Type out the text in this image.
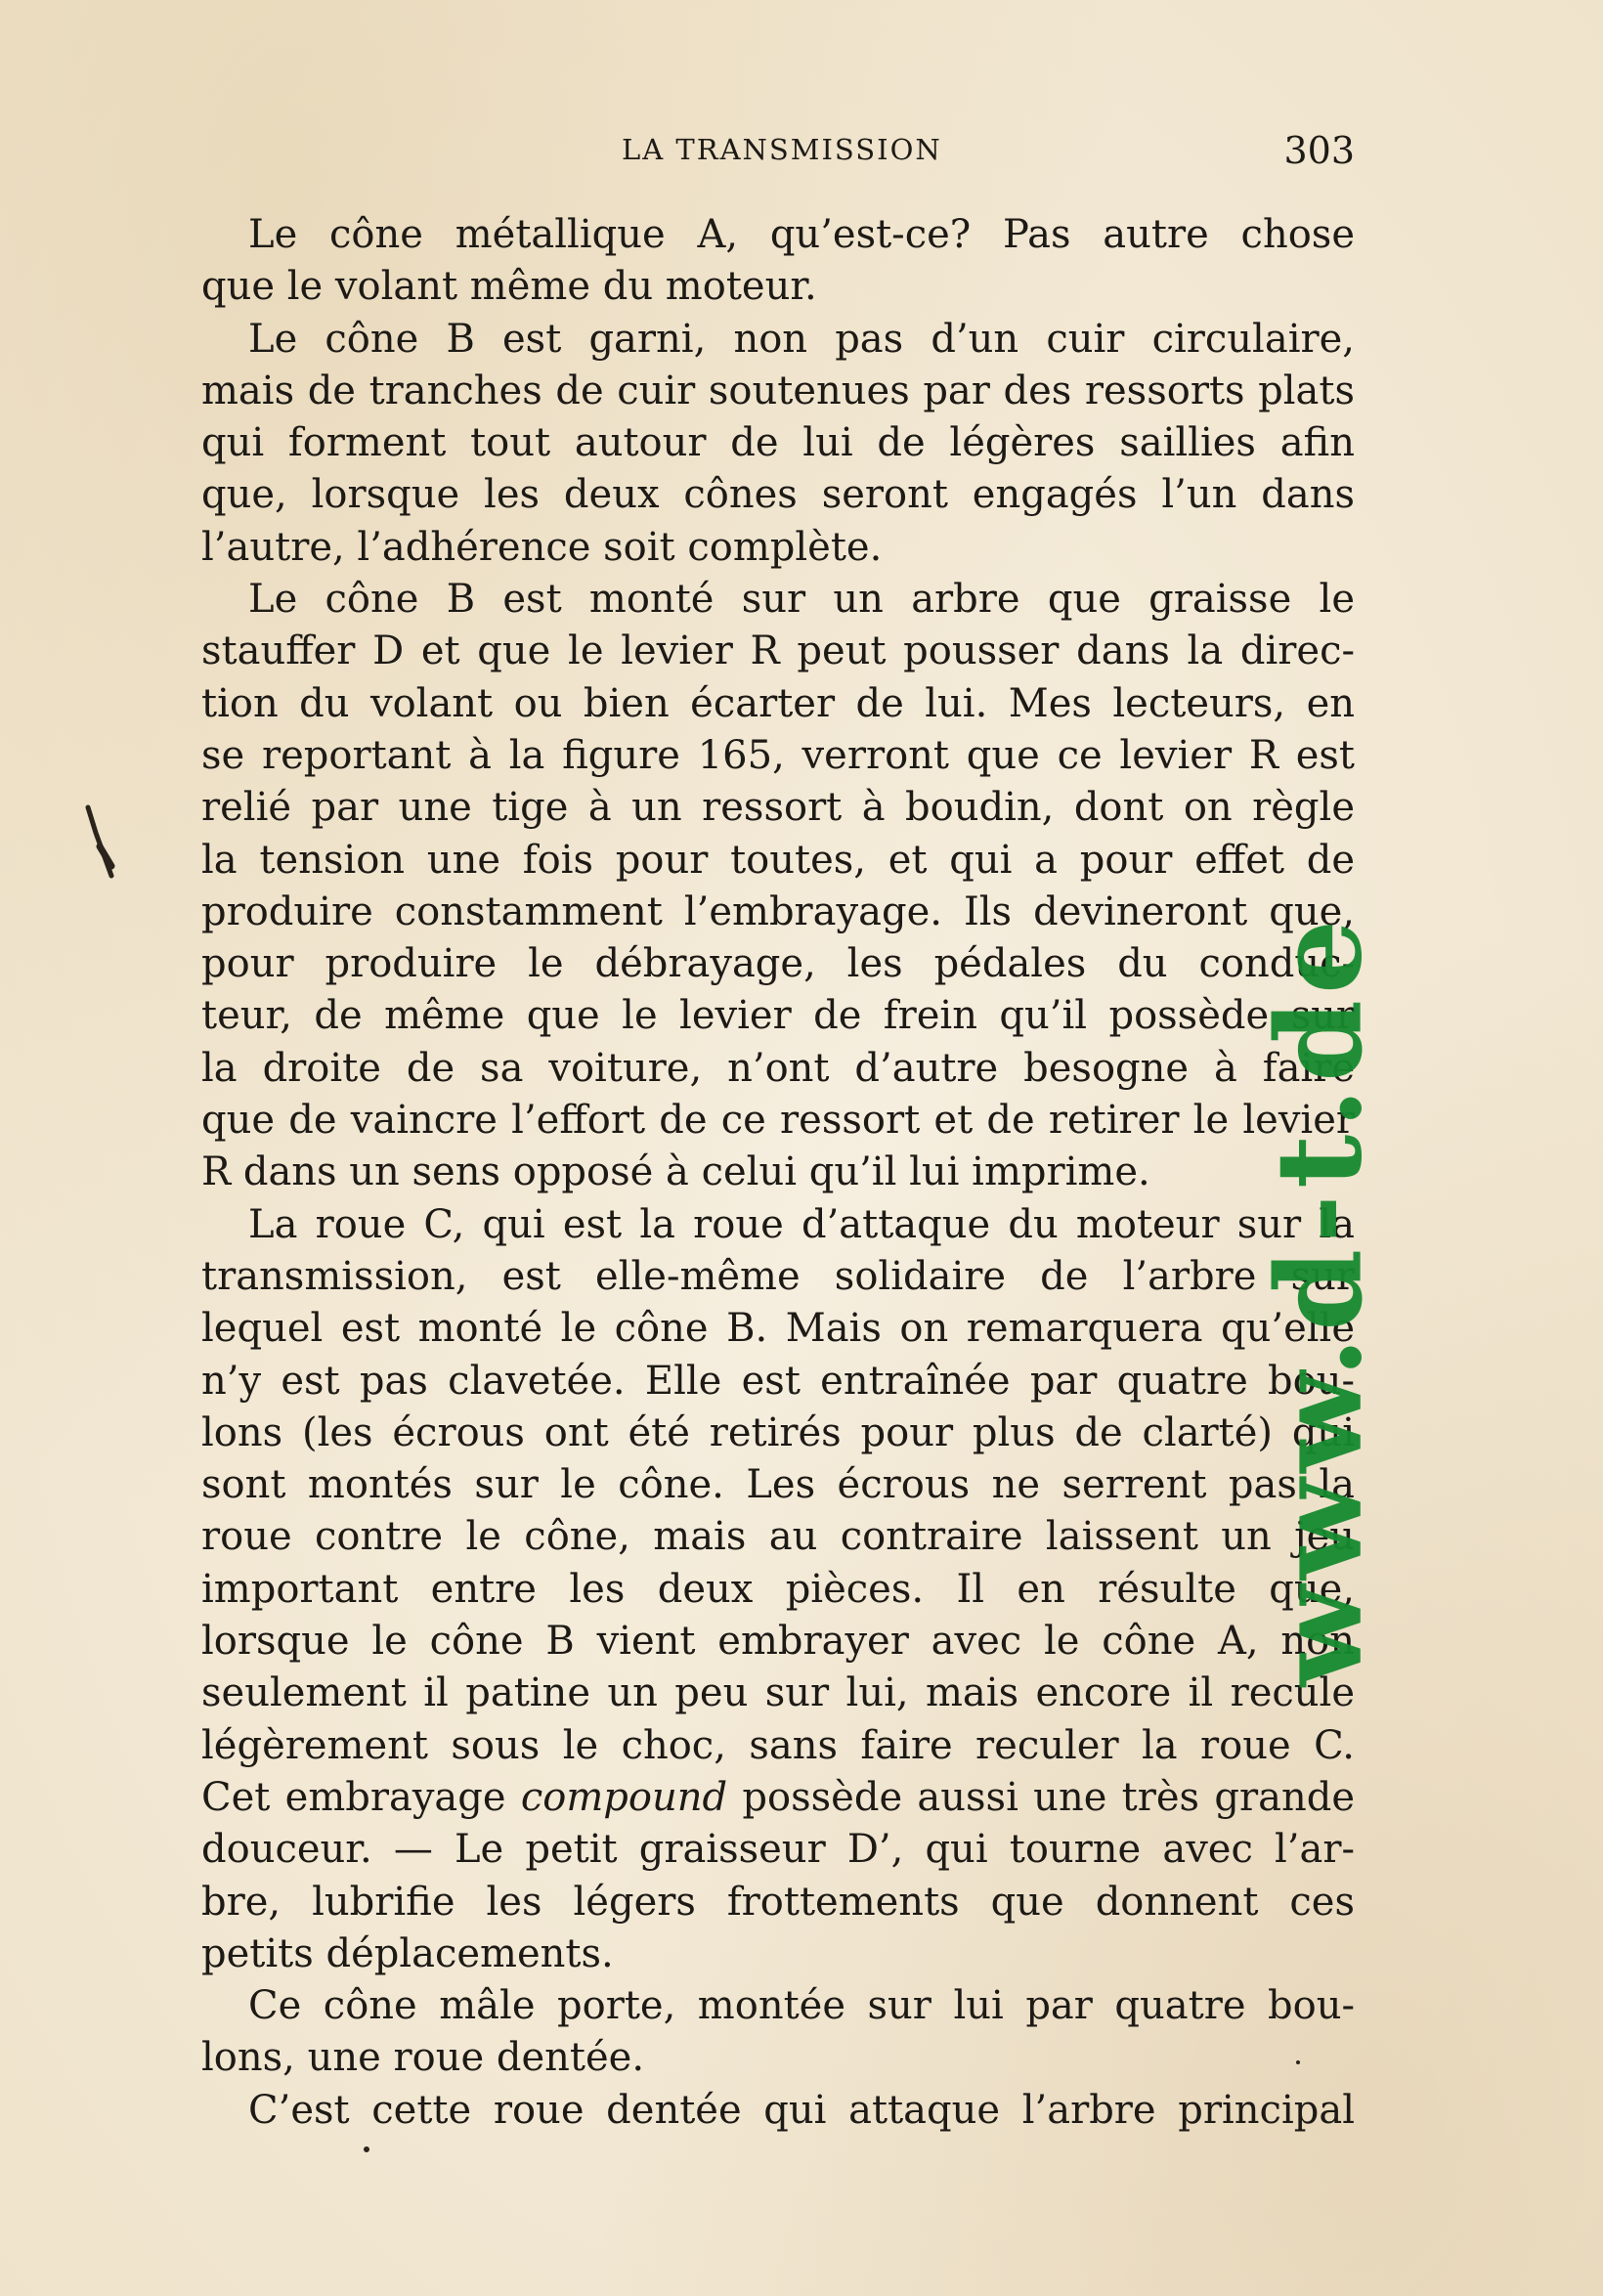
LA TRANSMISSION	303
Le cône métallique A, qu’est-ce? Pas autre chose
que le volant même du moteur.
Le cône B est garni, non pas d’un cuir circulaire,
mais de tranches de cuir soutenues par des ressorts plats
qui forment tout autour de lui de légères saillies afin
que, lorsque les deux cônes seront engagés l’un dans
l’autre, l’adhérence soit complète.
Le cône B est monté sur un arbre que graisse le
stauffer D et que le levier R peut pousser dans la direc-
tion du volant ou bien écarter de lui. Mes lecteurs, en
se reportant à la figure 165, verront que ce levier R est
relié par une tige à un ressort à boudin, dont on règle
la tension une fois pour toutes, et qui a pour effet de
produire constamment l’embrayage. Ils devineront que,
pour produire le débrayage, les pédales du conduc-
teur, de même que le levier de frein qu’il possède sur
la droite de sa voiture, n’ont d’autre besogne à faire
que de vaincre l’effort de ce ressort et de retirer le levier
R dans un sens opposé à celui qu’il lui imprime.
La roue C, qui est la roue d’attaque du moteur sur la
transmission, est elle-même solidaire de l’arbre sur
lequel est monté le cône B. Mais on remarquera qu’elle
n’y est pas clavetée. Elle est entraînée par quatre bou-
lons (les écrous ont été retirés pour plus de clarté) qui
sont montés sur le cône. Les écrous ne serrent pas la
roue contre le cône, mais au contraire laissent un jeu
important entre les deux pièces. Il en résulte que,
lorsque le cône B vient embrayer avec le cône A, non
seulement il patine un peu sur lui, mais encore il recule
légèrement sous le choc, sans faire reculer la roue C.
Cet embrayage compound possède aussi une très grande
douceur. — Le petit graisseur D’, qui tourne avec l’ar-
bre, lubrifie les légers frottements que donnent ces
petits déplacements.
Ce cône mâle porte, montée sur lui par quatre bou-
lons, une roue dentée.
C’est cette roue dentée qui attaque l’arbre principal
www.d-t.de
